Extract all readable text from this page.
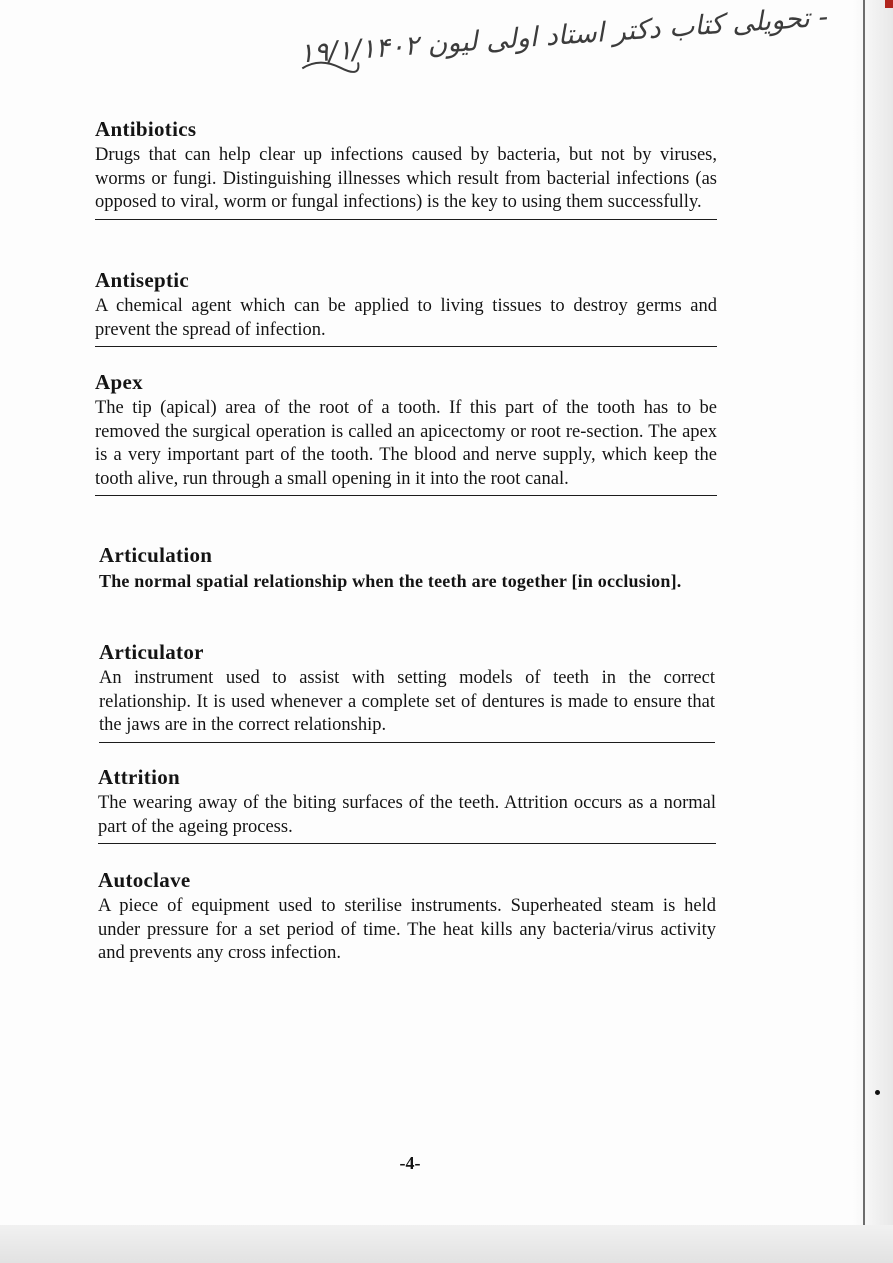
- تحویلی کتاب دکتر استاد اولی لیون ۱۹/۱/۱۴۰۲
Antibiotics

Drugs that can help clear up infections caused by bacteria, but not by viruses, worms or fungi. Distinguishing illnesses which result from bacterial infections (as opposed to viral, worm or fungal infections) is the key to using them successfully.

Antiseptic

A chemical agent which can be applied to living tissues to destroy germs and prevent the spread of infection.

Apex

The tip (apical) area of the root of a tooth. If this part of the tooth has to be removed the surgical operation is called an apicectomy or root re-section. The apex is a very important part of the tooth. The blood and nerve supply, which keep the tooth alive, run through a small opening in it into the root canal.

Articulation

The normal spatial relationship when the teeth are together [in occlusion].

Articulator

An instrument used to assist with setting models of teeth in the correct relationship. It is used whenever a complete set of dentures is made to ensure that the jaws are in the correct relationship.

Attrition

The wearing away of the biting surfaces of the teeth. Attrition occurs as a normal part of the ageing process.

Autoclave

A piece of equipment used to sterilise instruments. Superheated steam is held under pressure for a set period of time. The heat kills any bacteria/virus activity and prevents any cross infection.

-4-
